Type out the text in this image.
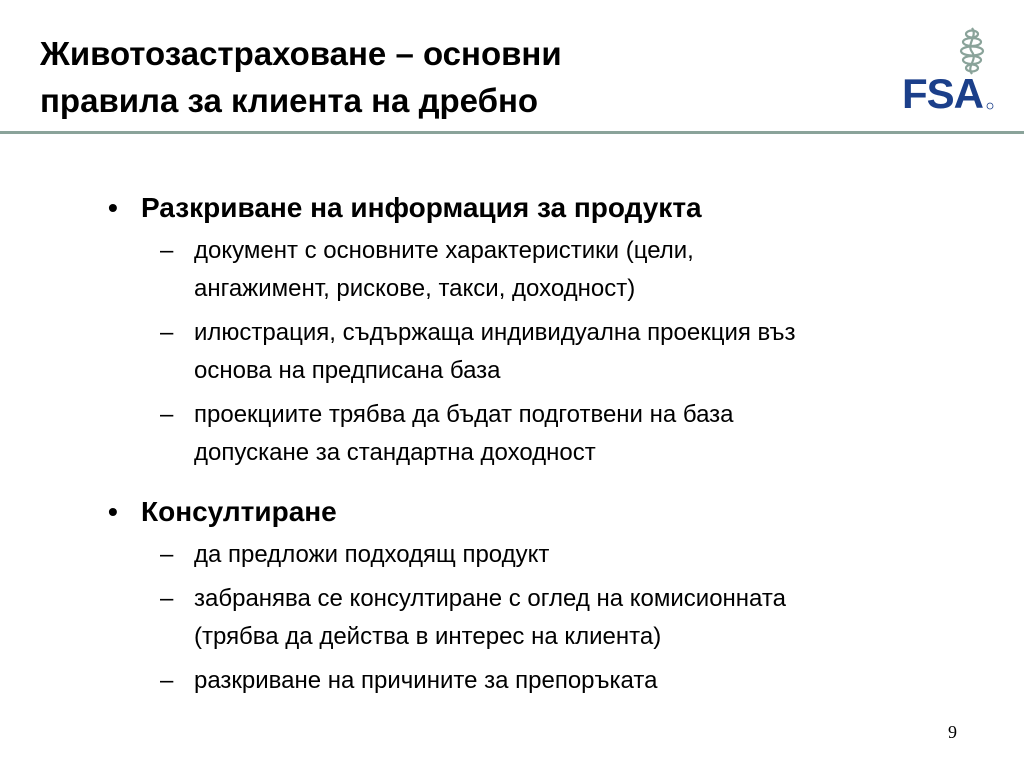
Животозастраховане – основни
правила за клиента на дребно	FSA
• Разкриване на информация за продукта
– документ с основните характеристики (цели,
ангажимент, рискове, такси, доходност)
– илюстрация, съдържаща индивидуална проекция въз
основа на предписана база
– проекциите трябва да бъдат подготвени на база
допускане за стандартна доходност
• Консултиране
– да предложи подходящ продукт
– забранява се консултиране с оглед на комисионната
(трябва да действа в интерес на клиента)
– разкриване на причините за препоръката
9
